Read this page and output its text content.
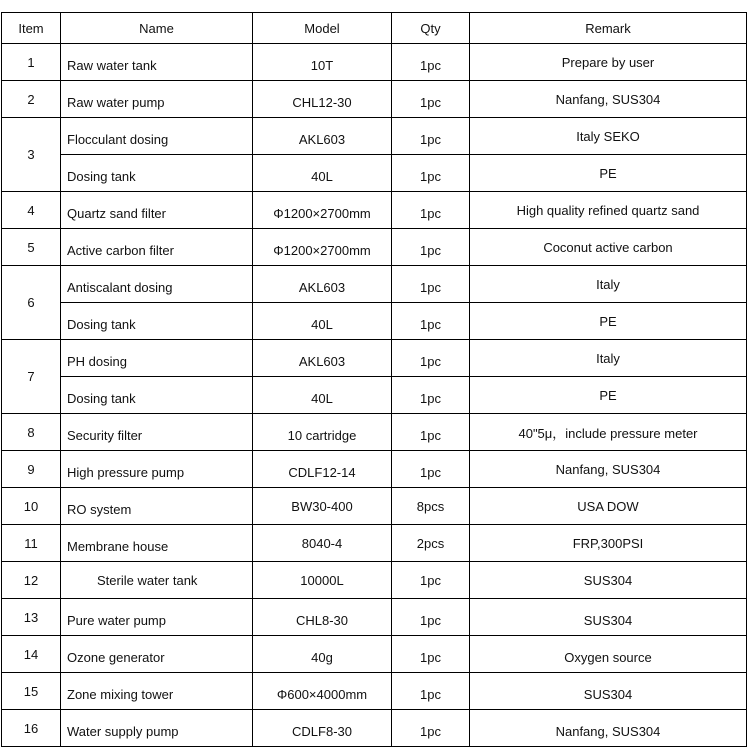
Item	Name	Model	Qty	Remark
1	Raw water tank	10T	1pc	Prepare by user
2	Raw water pump	CHL12-30	1pc	Nanfang, SUS304
3	Flocculant dosing	AKL603	1pc	Italy SEKO
	Dosing tank	40L	1pc	PE
4	Quartz sand filter	Φ1200×2700mm	1pc	High quality refined quartz sand
5	Active carbon filter	Φ1200×2700mm	1pc	Coconut active carbon
6	Antiscalant dosing	AKL603	1pc	Italy
	Dosing tank	40L	1pc	PE
7	PH dosing	AKL603	1pc	Italy
	Dosing tank	40L	1pc	PE
8	Security filter	10 cartridge	1pc	40"5μ，include pressure meter
9	High pressure pump	CDLF12-14	1pc	Nanfang, SUS304
10	RO system	BW30-400	8pcs	USA DOW
11	Membrane house	8040-4	2pcs	FRP,300PSI
12	Sterile water tank	10000L	1pc	SUS304
13	Pure water pump	CHL8-30	1pc	SUS304
14	Ozone generator	40g	1pc	Oxygen source
15	Zone mixing tower	Φ600×4000mm	1pc	SUS304
16	Water supply pump	CDLF8-30	1pc	Nanfang, SUS304
